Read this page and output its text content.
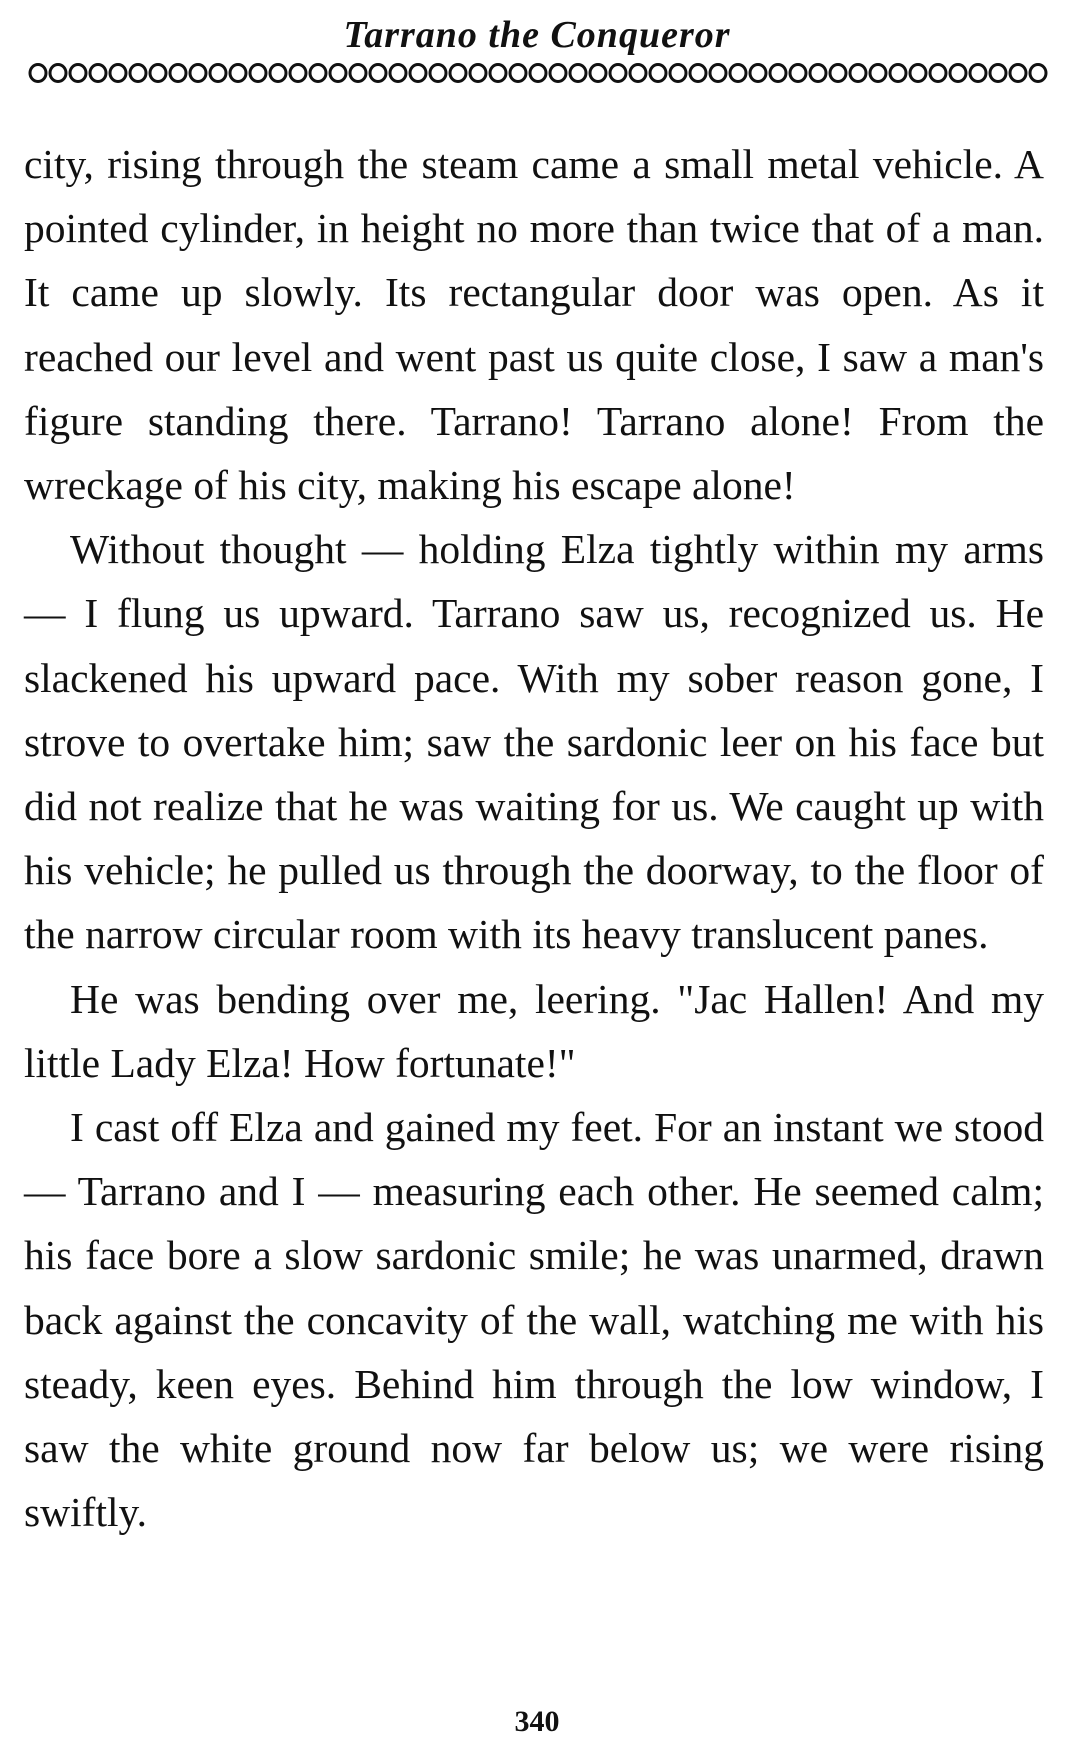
Tarrano the Conqueror

city, rising through the steam came a small metal vehicle. A pointed cylinder, in height no more than twice that of a man. It came up slowly. Its rectangular door was open. As it reached our level and went past us quite close, I saw a man's figure standing there. Tarrano! Tarrano alone! From the wreckage of his city, making his escape alone!

Without thought — holding Elza tightly within my arms — I flung us upward. Tarrano saw us, recognized us. He slackened his upward pace. With my sober reason gone, I strove to overtake him; saw the sardonic leer on his face but did not realize that he was waiting for us. We caught up with his vehicle; he pulled us through the doorway, to the floor of the narrow circular room with its heavy translucent panes.

He was bending over me, leering. "Jac Hallen! And my little Lady Elza! How fortunate!"

I cast off Elza and gained my feet. For an instant we stood — Tarrano and I — measuring each other. He seemed calm; his face bore a slow sardonic smile; he was unarmed, drawn back against the concavity of the wall, watching me with his steady, keen eyes. Behind him through the low window, I saw the white ground now far below us; we were rising swiftly.

340
